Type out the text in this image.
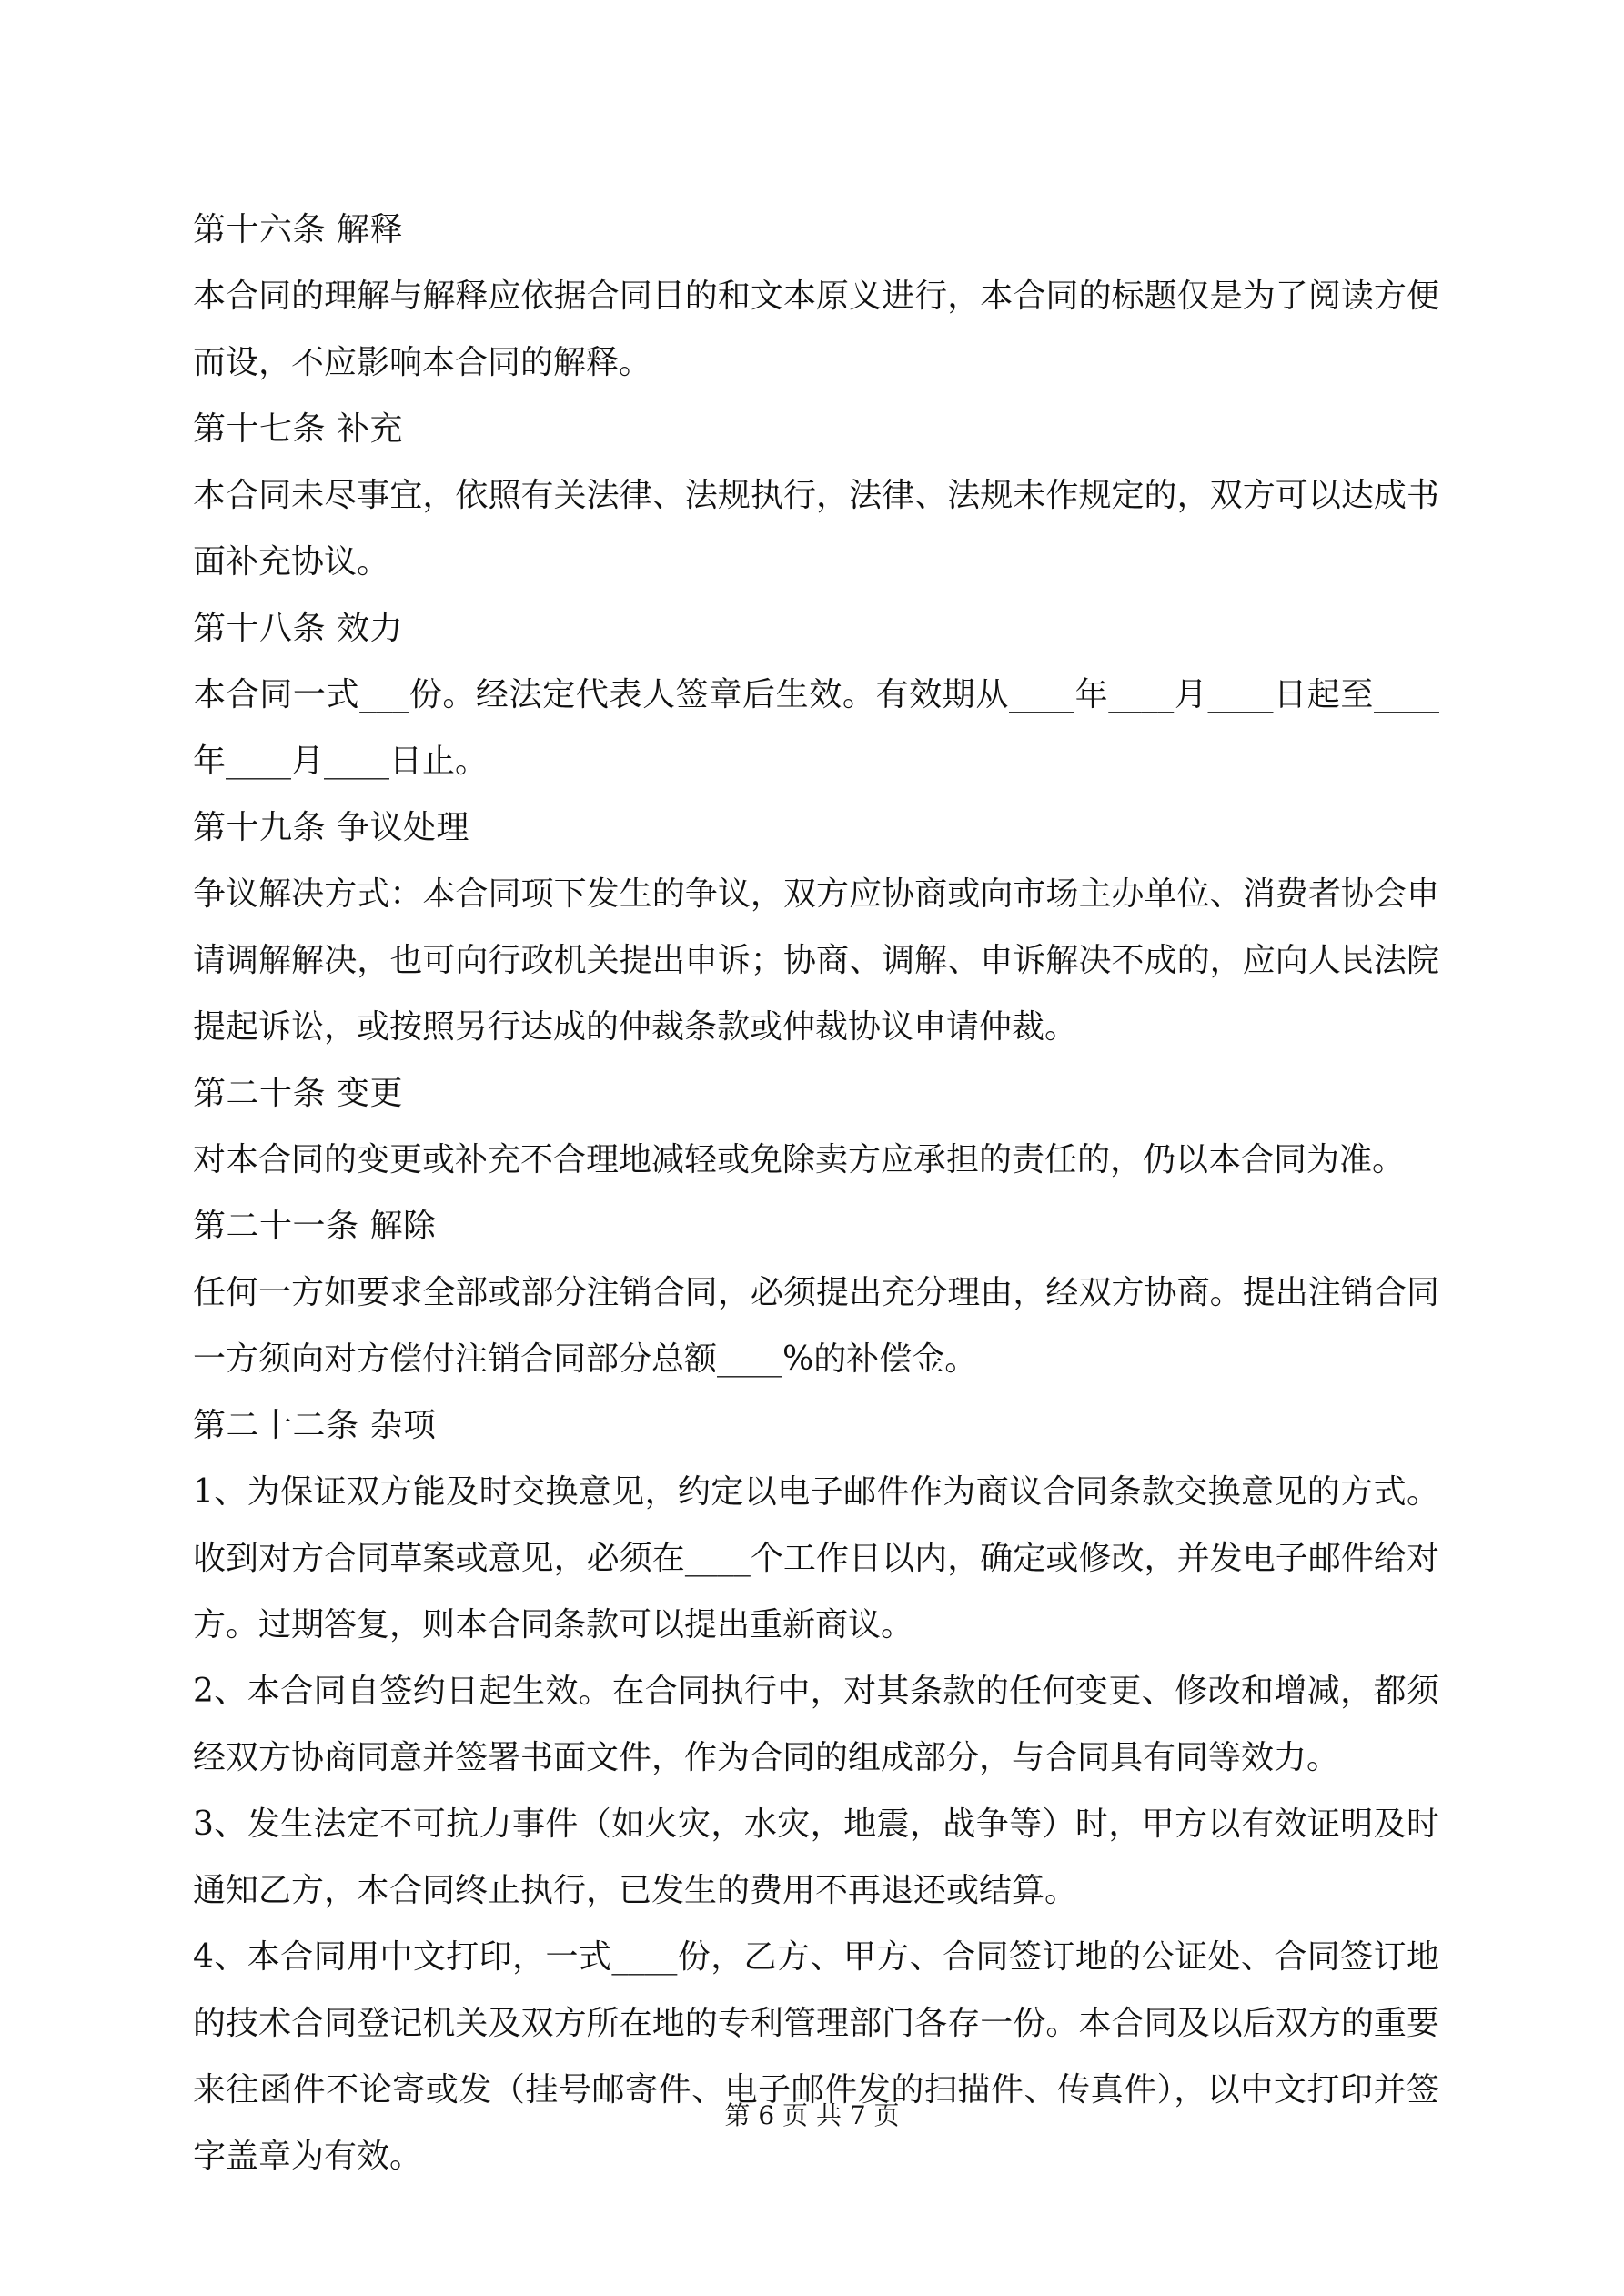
第十六条 解释
本合同的理解与解释应依据合同目的和文本原义进行，本合同的标题仅是为了阅读方便
而设，不应影响本合同的解释。
第十七条 补充
本合同未尽事宜，依照有关法律、法规执行，法律、法规未作规定的，双方可以达成书
面补充协议。
第十八条 效力
本合同一式___份。经法定代表人签章后生效。有效期从____年____月____日起至____
年____月____日止。
第十九条 争议处理
争议解决方式：本合同项下发生的争议，双方应协商或向市场主办单位、消费者协会申
请调解解决，也可向行政机关提出申诉；协商、调解、申诉解决不成的，应向人民法院
提起诉讼，或按照另行达成的仲裁条款或仲裁协议申请仲裁。
第二十条 变更
对本合同的变更或补充不合理地减轻或免除卖方应承担的责任的，仍以本合同为准。
第二十一条 解除
任何一方如要求全部或部分注销合同，必须提出充分理由，经双方协商。提出注销合同
一方须向对方偿付注销合同部分总额____%的补偿金。
第二十二条 杂项
1、为保证双方能及时交换意见，约定以电子邮件作为商议合同条款交换意见的方式。
收到对方合同草案或意见，必须在____个工作日以内，确定或修改，并发电子邮件给对
方。过期答复，则本合同条款可以提出重新商议。
2、本合同自签约日起生效。在合同执行中，对其条款的任何变更、修改和增减，都须
经双方协商同意并签署书面文件，作为合同的组成部分，与合同具有同等效力。
3、发生法定不可抗力事件（如火灾，水灾，地震，战争等）时，甲方以有效证明及时
通知乙方，本合同终止执行，已发生的费用不再退还或结算。
4、本合同用中文打印，一式____份，乙方、甲方、合同签订地的公证处、合同签订地
的技术合同登记机关及双方所在地的专利管理部门各存一份。本合同及以后双方的重要
来往函件不论寄或发（挂号邮寄件、电子邮件发的扫描件、传真件），以中文打印并签
字盖章为有效。
第 6 页 共 7 页
